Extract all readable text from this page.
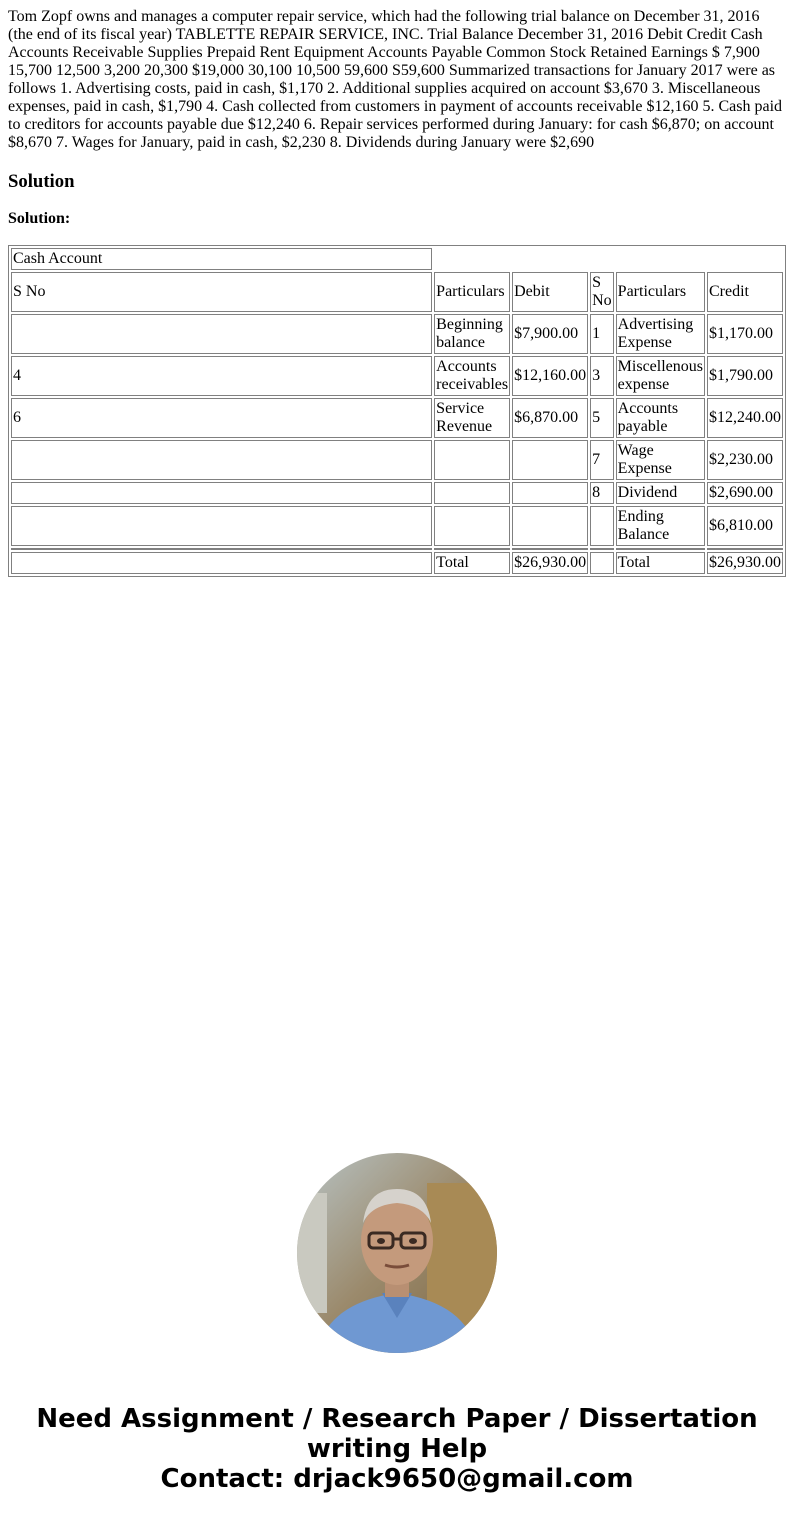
Tom Zopf owns and manages a computer repair service, which had the following trial balance on December 31, 2016 (the end of its fiscal year) TABLETTE REPAIR SERVICE, INC. Trial Balance December 31, 2016 Debit Credit Cash Accounts Receivable Supplies Prepaid Rent Equipment Accounts Payable Common Stock Retained Earnings $ 7,900 15,700 12,500 3,200 20,300 $19,000 30,100 10,500 59,600 S59,600 Summarized transactions for January 2017 were as follows 1. Advertising costs, paid in cash, $1,170 2. Additional supplies acquired on account $3,670 3. Miscellaneous expenses, paid in cash, $1,790 4. Cash collected from customers in payment of accounts receivable $12,160 5. Cash paid to creditors for accounts payable due $12,240 6. Repair services performed during January: for cash $6,870; on account $8,670 7. Wages for January, paid in cash, $2,230 8. Dividends during January were $2,690

Solution

Solution:

Cash Account					
S No	Particulars	Debit	S No	Particulars	Credit
	Beginning balance	$7,900.00	1	Advertising Expense	$1,170.00
4	Accounts receivables	$12,160.00	3	Miscellenous expense	$1,790.00
6	Service Revenue	$6,870.00	5	Accounts payable	$12,240.00
			7	Wage Expense	$2,230.00
			8	Dividend	$2,690.00
				Ending Balance	$6,810.00

	Total	$26,930.00		Total	$26,930.00

Need Assignment / Research Paper / Dissertation
writing Help
Contact: drjack9650@gmail.com
